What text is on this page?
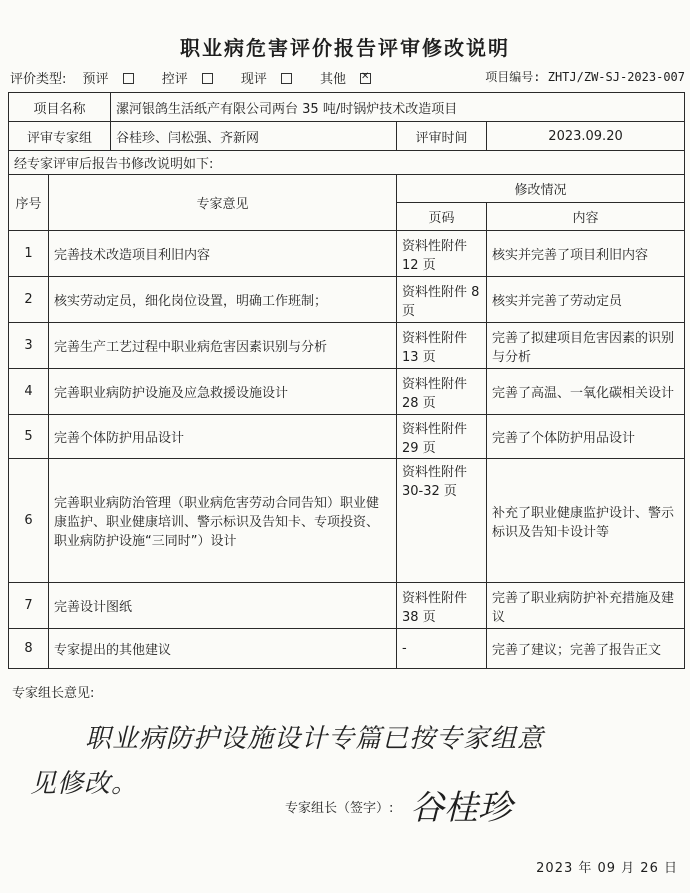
职业病危害评价报告评审修改说明
评价类型: 预评	控评	现评	其他 ✕	项目编号: ZHTJ/ZW-SJ-2023-007
项目名称		漯河银鸽生活纸产有限公司两台 35 吨/时锅炉技术改造项目		
评审专家组		谷桂珍、闫松强、齐新网	评审时间	2023.09.20
经专家评审后报告书修改说明如下:				
序号	专家意见		修改情况	
			页码	内容
1	完善技术改造项目利旧内容		资料性附件 12 页	核实并完善了项目利旧内容
2	核实劳动定员，细化岗位设置，明确工作班制；		资料性附件 8 页	核实并完善了劳动定员
3	完善生产工艺过程中职业病危害因素识别与分析		资料性附件 13 页	完善了拟建项目危害因素的识别与分析
4	完善职业病防护设施及应急救援设施设计		资料性附件 28 页	完善了高温、一氧化碳相关设计
5	完善个体防护用品设计		资料性附件 29 页	完善了个体防护用品设计
6	完善职业病防治管理（职业病危害劳动合同告知）职业健康监护、职业健康培训、警示标识及告知卡、专项投资、职业病防护设施“三同时”）设计		资料性附件 30-32 页	补充了职业健康监护设计、警示标识及告知卡设计等
7	完善设计图纸		资料性附件 38 页	完善了职业病防护补充措施及建议
8	专家提出的其他建议		-	完善了建议；完善了报告正文
专家组长意见:
职业病防护设施设计专篇已按专家组意
见修改。
专家组长（签字）: 谷桂珍
2023 年 09 月 26 日
